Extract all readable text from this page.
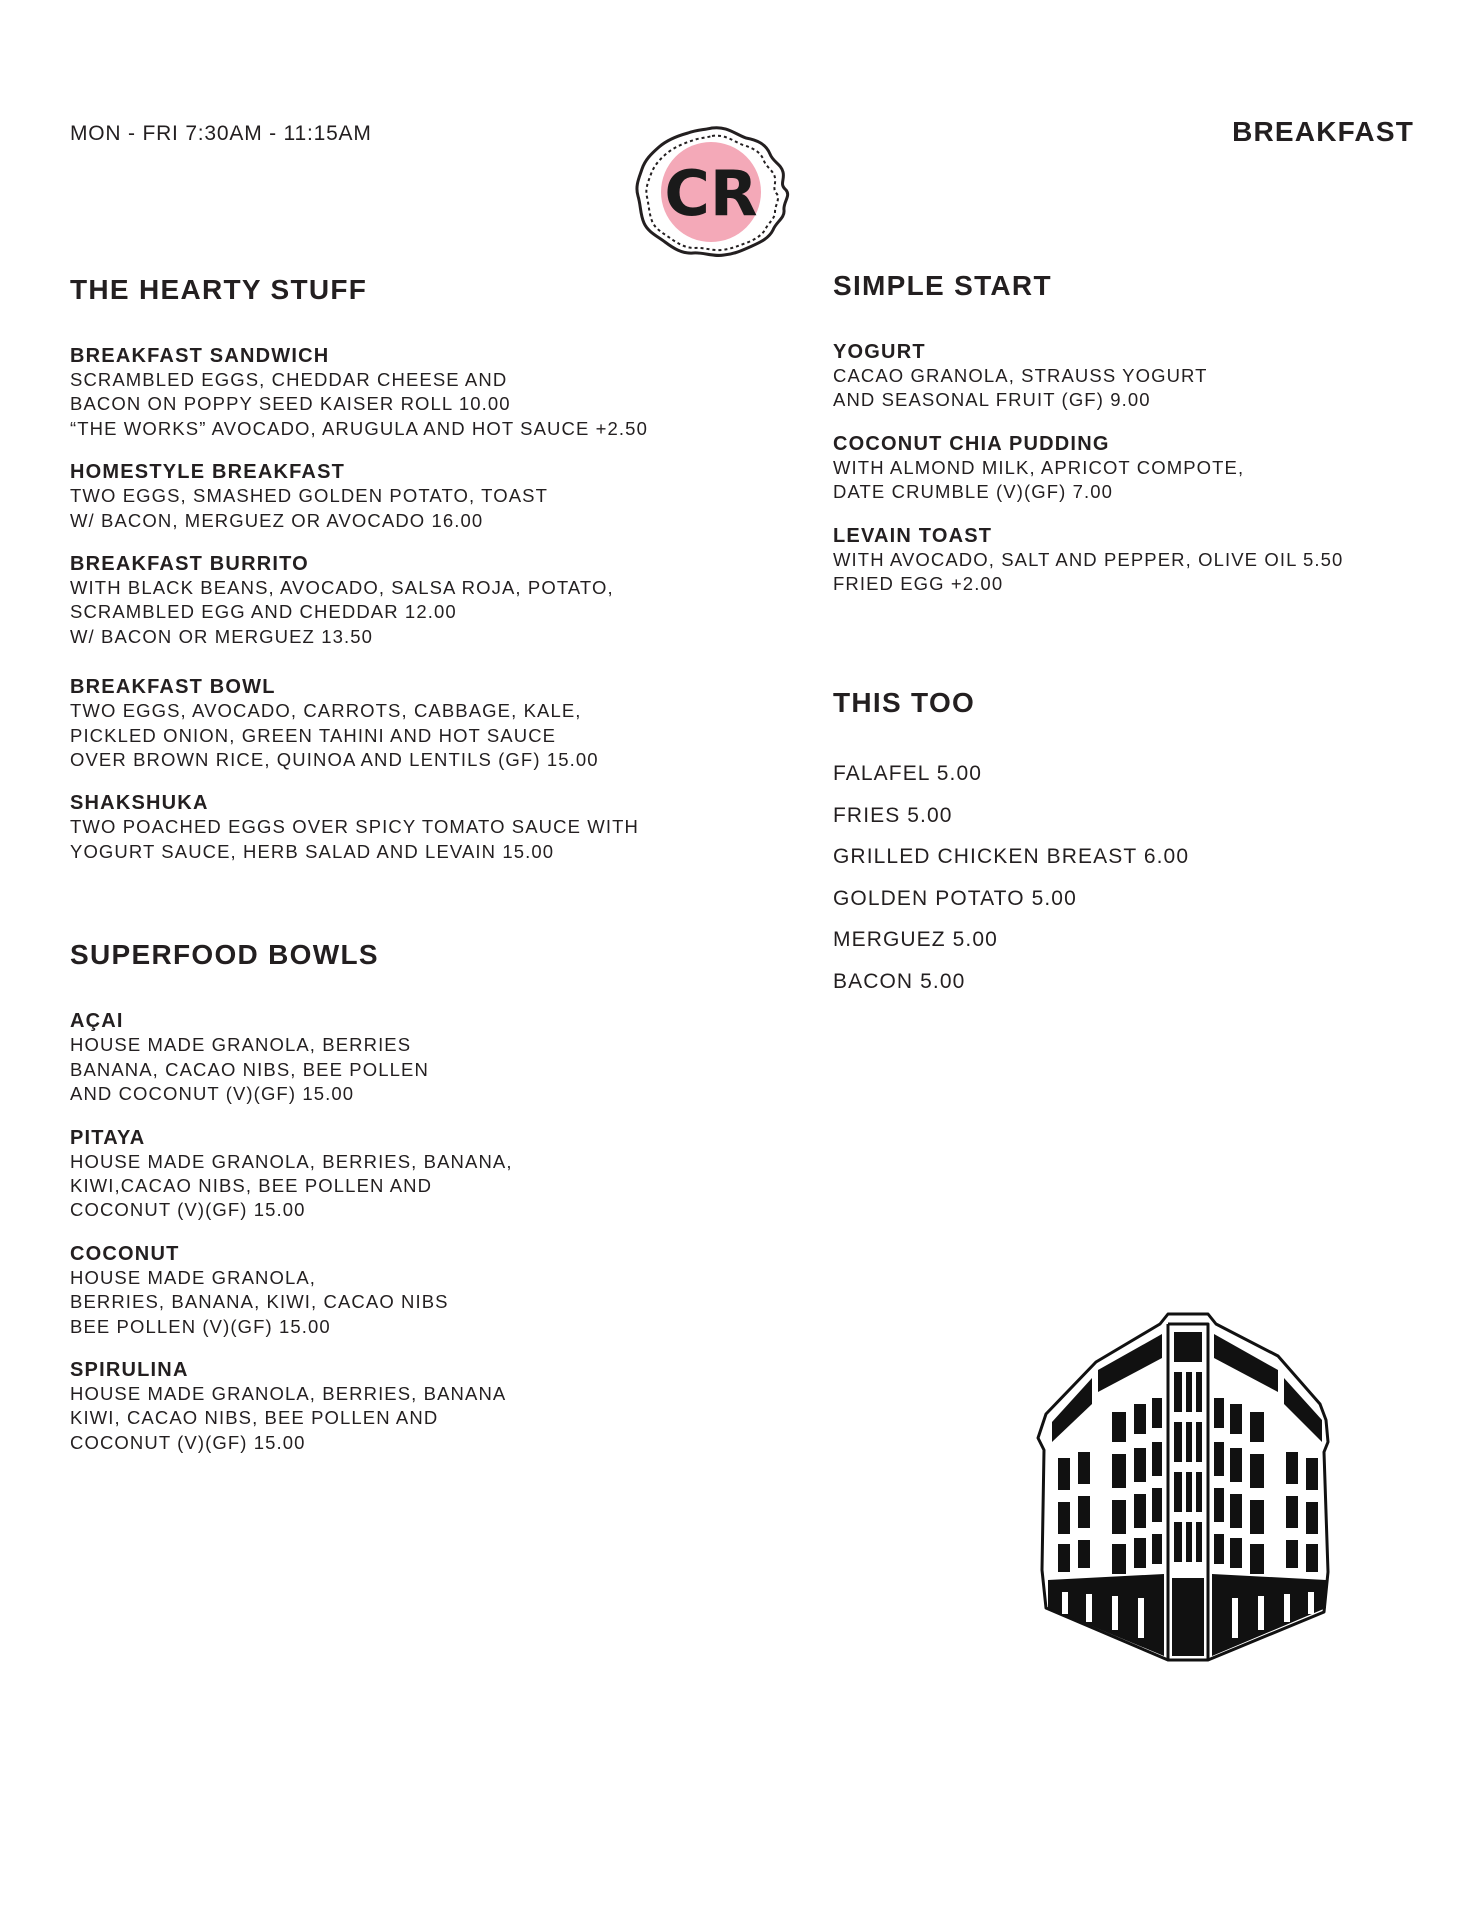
MON - FRI 7:30AM - 11:15AM	BREAKFAST
CR
THE HEARTY STUFF
BREAKFAST SANDWICH
SCRAMBLED EGGS, CHEDDAR CHEESE AND
BACON ON POPPY SEED KAISER ROLL 10.00
“THE WORKS” AVOCADO, ARUGULA AND HOT SAUCE +2.50
HOMESTYLE BREAKFAST
TWO EGGS, SMASHED GOLDEN POTATO, TOAST
W/ BACON, MERGUEZ OR AVOCADO 16.00
BREAKFAST BURRITO
WITH BLACK BEANS, AVOCADO, SALSA ROJA, POTATO,
SCRAMBLED EGG AND CHEDDAR 12.00
W/ BACON OR MERGUEZ 13.50
BREAKFAST BOWL
TWO EGGS, AVOCADO, CARROTS, CABBAGE, KALE,
PICKLED ONION, GREEN TAHINI AND HOT SAUCE
OVER BROWN RICE, QUINOA AND LENTILS (GF) 15.00
SHAKSHUKA
TWO POACHED EGGS OVER SPICY TOMATO SAUCE WITH
YOGURT SAUCE, HERB SALAD AND LEVAIN 15.00
SUPERFOOD BOWLS
AÇAI
HOUSE MADE GRANOLA, BERRIES
BANANA, CACAO NIBS, BEE POLLEN
AND COCONUT (V)(GF) 15.00
PITAYA
HOUSE MADE GRANOLA, BERRIES, BANANA,
KIWI,CACAO NIBS, BEE POLLEN AND
COCONUT (V)(GF) 15.00
COCONUT
HOUSE MADE GRANOLA,
BERRIES, BANANA, KIWI, CACAO NIBS
BEE POLLEN (V)(GF) 15.00
SPIRULINA
HOUSE MADE GRANOLA, BERRIES, BANANA
KIWI, CACAO NIBS, BEE POLLEN AND
COCONUT (V)(GF) 15.00
SIMPLE START
YOGURT
CACAO GRANOLA, STRAUSS YOGURT
AND SEASONAL FRUIT (GF) 9.00
COCONUT CHIA PUDDING
WITH ALMOND MILK, APRICOT COMPOTE,
DATE CRUMBLE (V)(GF) 7.00
LEVAIN TOAST
WITH AVOCADO, SALT AND PEPPER, OLIVE OIL 5.50
FRIED EGG +2.00
THIS TOO
FALAFEL 5.00
FRIES 5.00
GRILLED CHICKEN BREAST 6.00
GOLDEN POTATO 5.00
MERGUEZ 5.00
BACON 5.00
